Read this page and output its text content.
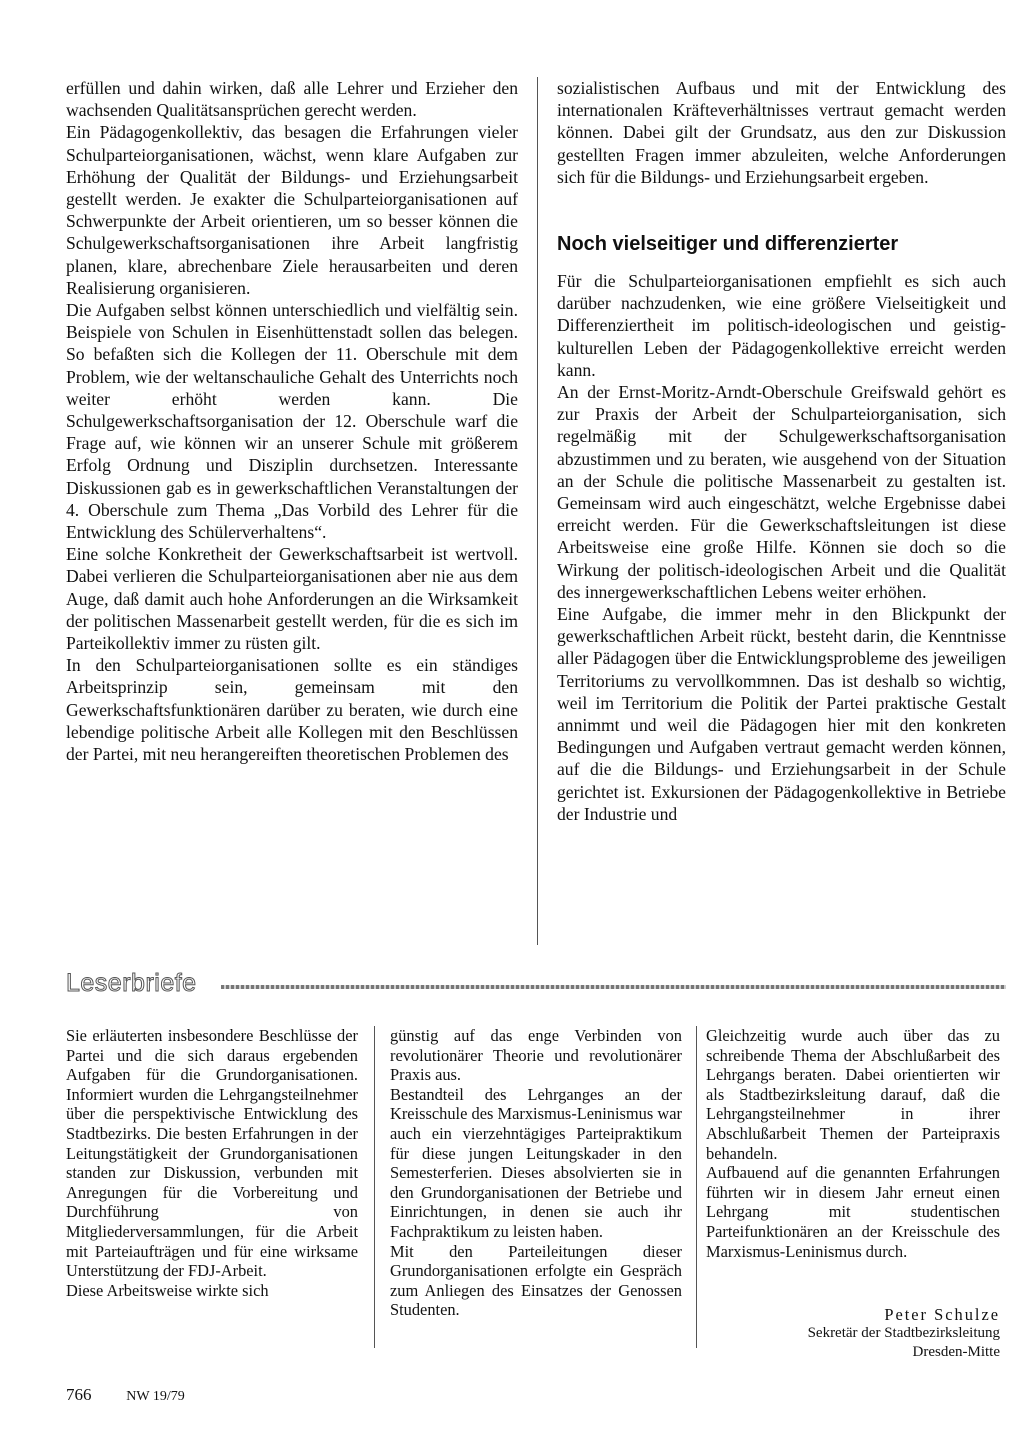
erfüllen und dahin wirken, daß alle Lehrer und Erzieher den wachsenden Qualitätsansprüchen gerecht werden.

Ein Pädagogenkollektiv, das besagen die Erfahrungen vieler Schulparteiorganisationen, wächst, wenn klare Aufgaben zur Erhöhung der Qualität der Bildungs- und Erziehungsarbeit gestellt werden. Je exakter die Schulparteiorganisationen auf Schwerpunkte der Arbeit orientieren, um so besser können die Schulgewerkschaftsorganisationen ihre Arbeit langfristig planen, klare, abrechenbare Ziele herausarbeiten und deren Realisierung organisieren.

Die Aufgaben selbst können unterschiedlich und vielfältig sein. Beispiele von Schulen in Eisenhüttenstadt sollen das belegen. So befaßten sich die Kollegen der 11. Oberschule mit dem Problem, wie der weltanschauliche Gehalt des Unterrichts noch weiter erhöht werden kann. Die Schulgewerkschaftsorganisation der 12. Oberschule warf die Frage auf, wie können wir an unserer Schule mit größerem Erfolg Ordnung und Disziplin durchsetzen. Interessante Diskussionen gab es in gewerkschaftlichen Veranstaltungen der 4. Oberschule zum Thema „Das Vorbild des Lehrer für die Entwicklung des Schülerverhaltens“.

Eine solche Konkretheit der Gewerkschaftsarbeit ist wertvoll. Dabei verlieren die Schulparteiorganisationen aber nie aus dem Auge, daß damit auch hohe Anforderungen an die Wirksamkeit der politischen Massenarbeit gestellt werden, für die es sich im Parteikollektiv immer zu rüsten gilt.

In den Schulparteiorganisationen sollte es ein ständiges Arbeitsprinzip sein, gemeinsam mit den Gewerkschaftsfunktionären darüber zu beraten, wie durch eine lebendige politische Arbeit alle Kollegen mit den Beschlüssen der Partei, mit neu herangereiften theoretischen Problemen des

sozialistischen Aufbaus und mit der Entwicklung des internationalen Kräfteverhältnisses vertraut gemacht werden können. Dabei gilt der Grundsatz, aus den zur Diskussion gestellten Fragen immer abzuleiten, welche Anforderungen sich für die Bildungs- und Erziehungsarbeit ergeben.

Noch vielseitiger und differenzierter

Für die Schulparteiorganisationen empfiehlt es sich auch darüber nachzudenken, wie eine größere Vielseitigkeit und Differenziertheit im politisch-ideologischen und geistig-kulturellen Leben der Pädagogenkollektive erreicht werden kann.

An der Ernst-Moritz-Arndt-Oberschule Greifswald gehört es zur Praxis der Arbeit der Schulparteiorganisation, sich regelmäßig mit der Schulgewerkschaftsorganisation abzustimmen und zu beraten, wie ausgehend von der Situation an der Schule die politische Massenarbeit zu gestalten ist. Gemeinsam wird auch eingeschätzt, welche Ergebnisse dabei erreicht werden. Für die Gewerkschaftsleitungen ist diese Arbeitsweise eine große Hilfe. Können sie doch so die Wirkung der politisch-ideologischen Arbeit und die Qualität des innergewerkschaftlichen Lebens weiter erhöhen.

Eine Aufgabe, die immer mehr in den Blickpunkt der gewerkschaftlichen Arbeit rückt, besteht darin, die Kenntnisse aller Pädagogen über die Entwicklungsprobleme des jeweiligen Territoriums zu vervollkommnen. Das ist deshalb so wichtig, weil im Territorium die Politik der Partei praktische Gestalt annimmt und weil die Pädagogen hier mit den konkreten Bedingungen und Aufgaben vertraut gemacht werden können, auf die die Bildungs- und Erziehungsarbeit in der Schule gerichtet ist. Exkursionen der Pädagogenkollektive in Betriebe der Industrie und

Leserbriefe

Sie erläuterten insbesondere Beschlüsse der Partei und die sich daraus ergebenden Aufgaben für die Grundorganisationen. Informiert wurden die Lehrgangsteilnehmer über die perspektivische Entwicklung des Stadtbezirks. Die besten Erfahrungen in der Leitungstätigkeit der Grundorganisationen standen zur Diskussion, verbunden mit Anregungen für die Vorbereitung und Durchführung von Mitgliederversammlungen, für die Arbeit mit Parteiaufträgen und für eine wirksame Unterstützung der FDJ-Arbeit.

Diese Arbeitsweise wirkte sich

günstig auf das enge Verbinden von revolutionärer Theorie und revolutionärer Praxis aus.

Bestandteil des Lehrganges an der Kreisschule des Marxismus-Leninismus war auch ein vierzehntägiges Parteipraktikum für diese jungen Leitungskader in den Semesterferien. Dieses absolvierten sie in den Grundorganisationen der Betriebe und Einrichtungen, in denen sie auch ihr Fachpraktikum zu leisten haben.

Mit den Parteileitungen dieser Grundorganisationen erfolgte ein Gespräch zum Anliegen des Einsatzes der Genossen Studenten.

Gleichzeitig wurde auch über das zu schreibende Thema der Abschlußarbeit des Lehrgangs beraten. Dabei orientierten wir als Stadtbezirksleitung darauf, daß die Lehrgangsteilnehmer in ihrer Abschlußarbeit Themen der Parteipraxis behandeln.

Aufbauend auf die genannten Erfahrungen führten wir in diesem Jahr erneut einen Lehrgang mit studentischen Parteifunktionären an der Kreisschule des Marxismus-Leninismus durch.

Peter Schulze
Sekretär der Stadtbezirksleitung
Dresden-Mitte
766 NW 19/79
